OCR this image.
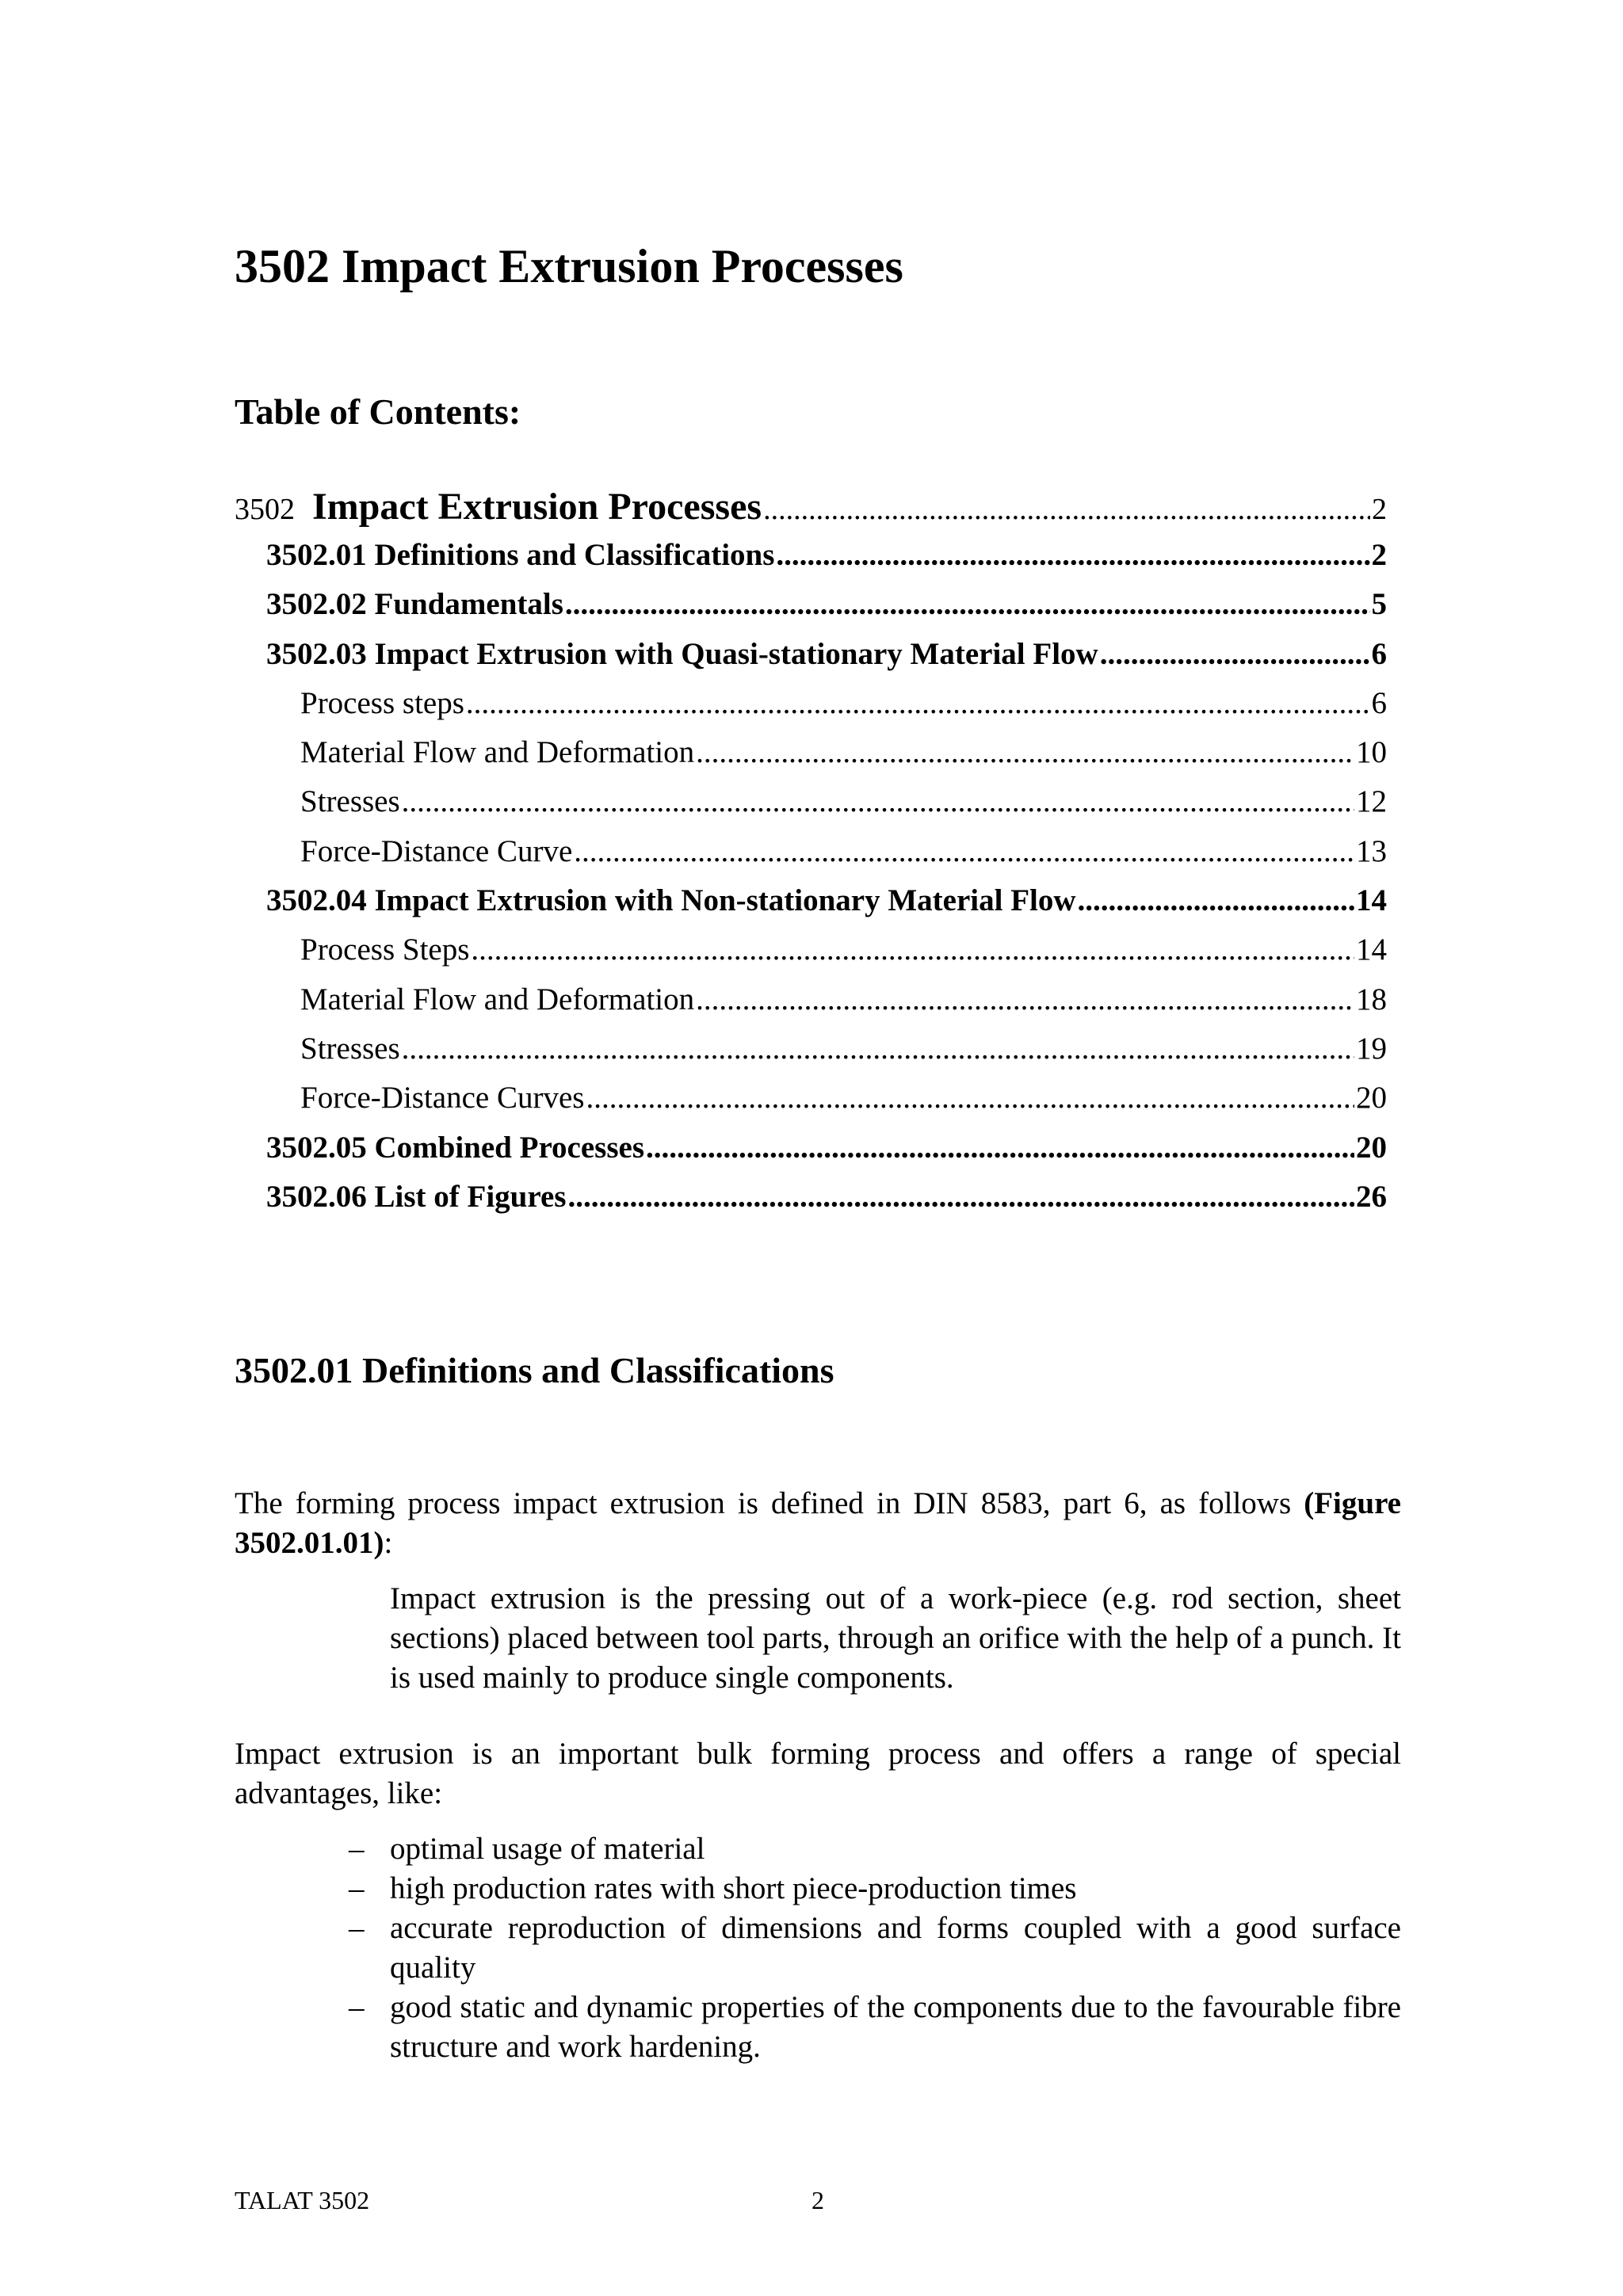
3502 Impact Extrusion Processes
Table of Contents:
3502 Impact Extrusion Processes .....	2
3502.01 Definitions and Classifications .....	2
3502.02 Fundamentals .....	5
3502.03 Impact Extrusion with Quasi-stationary Material Flow .....	6
Process steps .....	6
Material Flow and Deformation .....	10
Stresses .....	12
Force-Distance Curve .....	13
3502.04 Impact Extrusion with Non-stationary Material Flow .....	14
Process Steps .....	14
Material Flow and Deformation .....	18
Stresses .....	19
Force-Distance Curves .....	20
3502.05 Combined Processes .....	20
3502.06 List of Figures .....	26
3502.01 Definitions and Classifications

The forming process impact extrusion is defined in DIN 8583, part 6, as follows (Figure 3502.01.01):

Impact extrusion is the pressing out of a work-piece (e.g. rod section, sheet sections) placed between tool parts, through an orifice with the help of a punch. It is used mainly to produce single components.

Impact extrusion is an important bulk forming process and offers a range of special advantages, like:

– optimal usage of material
– high production rates with short piece-production times
– accurate reproduction of dimensions and forms coupled with a good surface quality
– good static and dynamic properties of the components due to the favourable fibre structure and work hardening.
TALAT 3502	2
